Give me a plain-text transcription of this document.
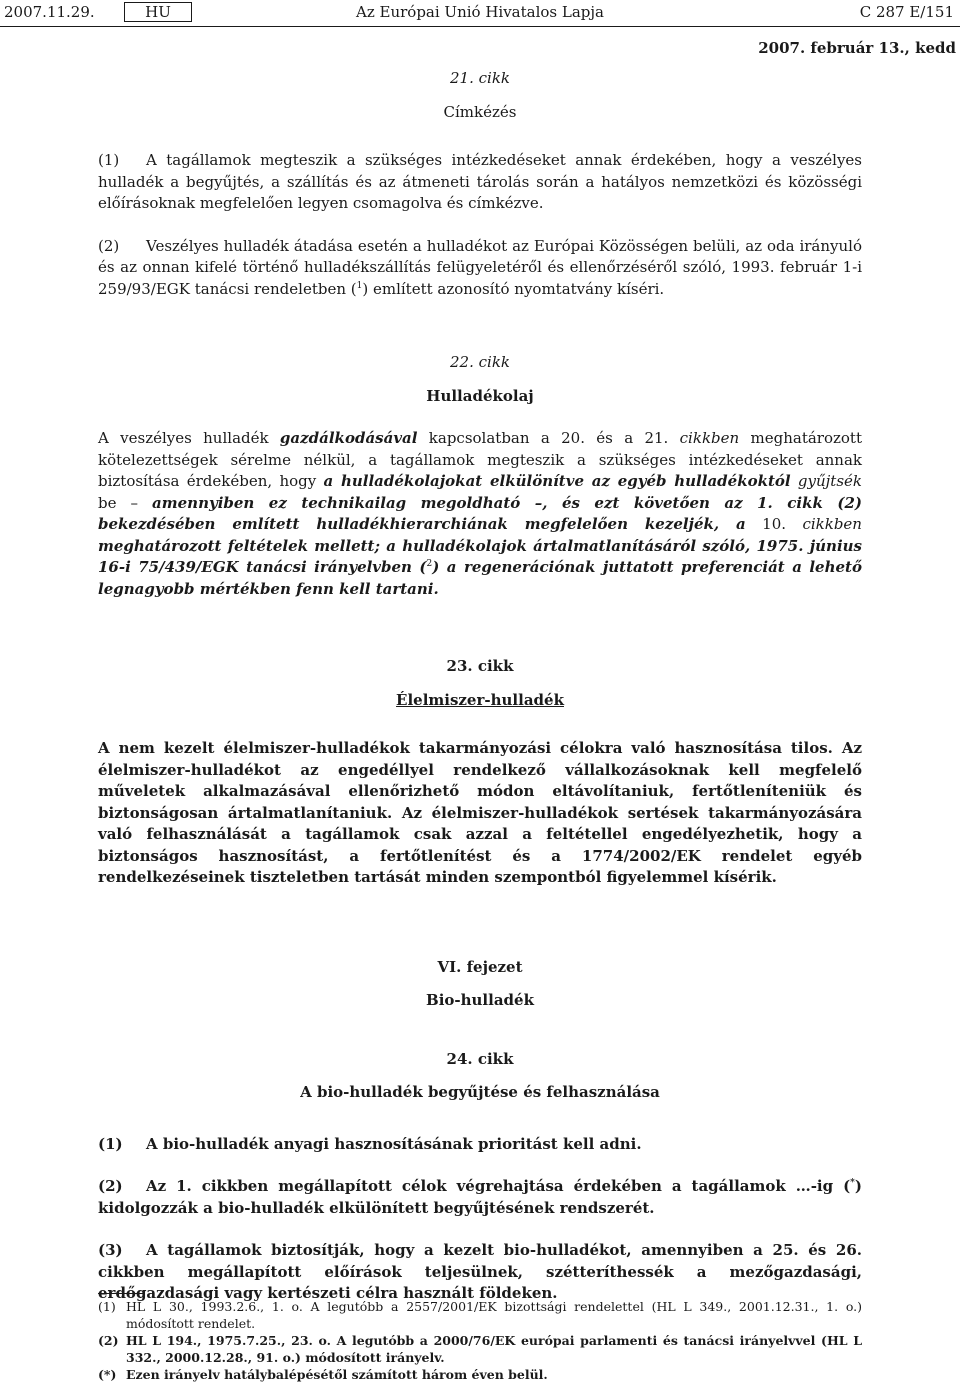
2007.11.29.	HU	Az Európai Unió Hivatalos Lapja	C 287 E/151
2007. február 13., kedd

21. cikk

Címkézés

(1) A tagállamok megteszik a szükséges intézkedéseket annak érdekében, hogy a veszélyes hulladék a begyűjtés, a szállítás és az átmeneti tárolás során a hatályos nemzetközi és közösségi előírásoknak megfelelően legyen csomagolva és címkézve.

(2) Veszélyes hulladék átadása esetén a hulladékot az Európai Közösségen belüli, az oda irányuló és az onnan kifelé történő hulladékszállítás felügyeletéről és ellenőrzéséről szóló, 1993. február 1-i 259/93/EGK tanácsi rendeletben ($^1$) említett azonosító nyomtatvány kíséri.

22. cikk

Hulladékolaj

A veszélyes hulladék gazdálkodásával kapcsolatban a 20. és a 21. cikkben meghatározott kötelezettségek sérelme nélkül, a tagállamok megteszik a szükséges intézkedéseket annak biztosítása érdekében, hogy a hulladékolajokat elkülönítve az egyéb hulladékoktól gyűjtsék be – amennyiben ez technikailag megoldható –, és ezt követően az 1. cikk (2) bekezdésében említett hulladékhierarchiának megfelelően kezeljék, a 10. cikkben meghatározott feltételek mellett; a hulladékolajok ártalmatlanításáról szóló, 1975. június 16-i 75/439/EGK tanácsi irányelvben ($^2$) a regenerációnak juttatott preferenciát a lehető legnagyobb mértékben fenn kell tartani.

23. cikk

Élelmiszer-hulladék

A nem kezelt élelmiszer-hulladékok takarmányozási célokra való hasznosítása tilos. Az élelmiszer-hulladékot az engedéllyel rendelkező vállalkozásoknak kell megfelelő műveletek alkalmazásával ellenőrizhető módon eltávolítaniuk, fertőtleníteniük és biztonságosan ártalmatlanítaniuk. Az élelmiszer-hulladékok sertések takarmányozására való felhasználását a tagállamok csak azzal a feltétellel engedélyezhetik, hogy a biztonságos hasznosítást, a fertőtlenítést és a 1774/2002/EK rendelet egyéb rendelkezéseinek tiszteletben tartását minden szempontból figyelemmel kísérik.

VI. fejezet

Bio-hulladék

24. cikk

A bio-hulladék begyűjtése és felhasználása

(1) A bio-hulladék anyagi hasznosításának prioritást kell adni.

(2) Az 1. cikkben megállapított célok végrehajtása érdekében a tagállamok …-ig (*) kidolgozzák a bio-hulladék elkülönített begyűjtésének rendszerét.

(3) A tagállamok biztosítják, hogy a kezelt bio-hulladékot, amennyiben a 25. és 26. cikkben megállapított előírások teljesülnek, szétteríthessék a mezőgazdasági, erdőgazdasági vagy kertészeti célra használt földeken.

(1) HL L 30., 1993.2.6., 1. o. A legutóbb a 2557/2001/EK bizottsági rendelettel (HL L 349., 2001.12.31., 1. o.) módosított rendelet.
(2) HL L 194., 1975.7.25., 23. o. A legutóbb a 2000/76/EK európai parlamenti és tanácsi irányelvvel (HL L 332., 2000.12.28., 91. o.) módosított irányelv.
(*) Ezen irányelv hatálybalépésétől számított három éven belül.
